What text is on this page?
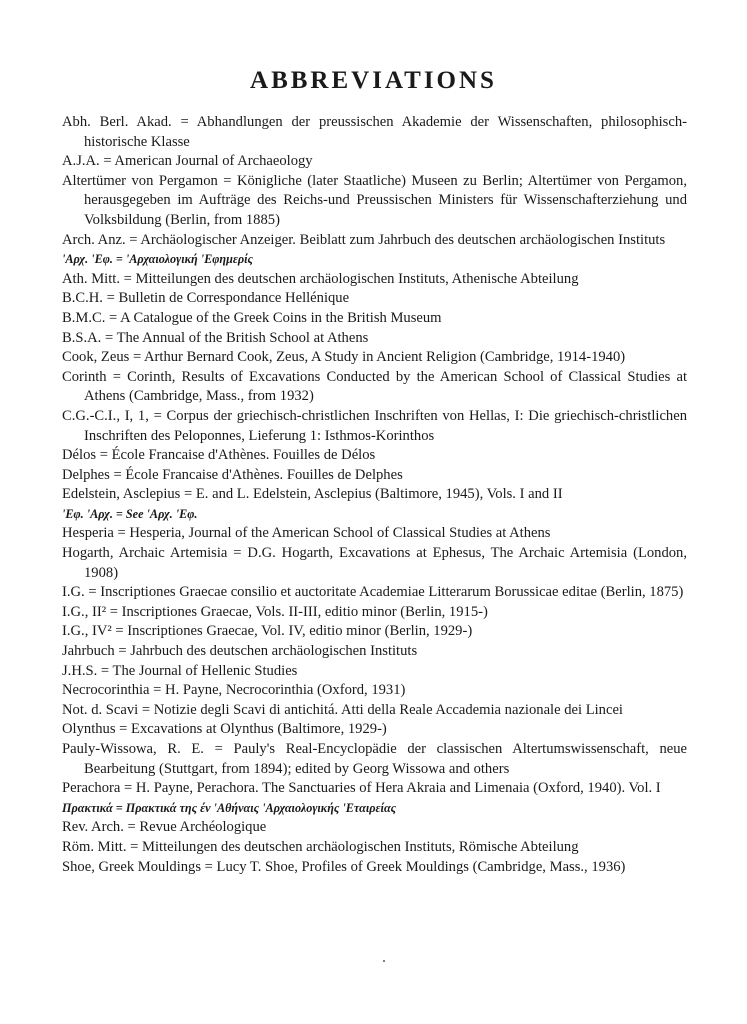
ABBREVIATIONS
Abh. Berl. Akad. = Abhandlungen der preussischen Akademie der Wissenschaften, philosophisch-historische Klasse
A.J.A. = American Journal of Archaeology
Altertümer von Pergamon = Königliche (later Staatliche) Museen zu Berlin; Altertümer von Pergamon, herausgegeben im Aufträge des Reichs-und Preussischen Ministers für Wissenschafterziehung und Volksbildung (Berlin, from 1885)
Arch. Anz. = Archäologischer Anzeiger. Beiblatt zum Jahrbuch des deutschen archäologischen Instituts
'Αρχ. 'Εφ. = 'Αρχαιολογική 'Εφημερίς
Ath. Mitt. = Mitteilungen des deutschen archäologischen Instituts, Athenische Abteilung
B.C.H. = Bulletin de Correspondance Hellénique
B.M.C. = A Catalogue of the Greek Coins in the British Museum
B.S.A. = The Annual of the British School at Athens
Cook, Zeus = Arthur Bernard Cook, Zeus, A Study in Ancient Religion (Cambridge, 1914-1940)
Corinth = Corinth, Results of Excavations Conducted by the American School of Classical Studies at Athens (Cambridge, Mass., from 1932)
C.G.-C.I., I, 1, = Corpus der griechisch-christlichen Inschriften von Hellas, I: Die griechisch-christlichen Inschriften des Peloponnes, Lieferung 1: Isthmos-Korinthos
Délos = École Francaise d'Athènes. Fouilles de Délos
Delphes = École Francaise d'Athènes. Fouilles de Delphes
Edelstein, Asclepius = E. and L. Edelstein, Asclepius (Baltimore, 1945), Vols. I and II
'Εφ. 'Αρχ. = See 'Αρχ. 'Εφ.
Hesperia = Hesperia, Journal of the American School of Classical Studies at Athens
Hogarth, Archaic Artemisia = D.G. Hogarth, Excavations at Ephesus, The Archaic Artemisia (London, 1908)
I.G. = Inscriptiones Graecae consilio et auctoritate Academiae Litterarum Borussicae editae (Berlin, 1875)
I.G., II² = Inscriptiones Graecae, Vols. II-III, editio minor (Berlin, 1915-)
I.G., IV² = Inscriptiones Graecae, Vol. IV, editio minor (Berlin, 1929-)
Jahrbuch = Jahrbuch des deutschen archäologischen Instituts
J.H.S. = The Journal of Hellenic Studies
Necrocorinthia = H. Payne, Necrocorinthia (Oxford, 1931)
Not. d. Scavi = Notizie degli Scavi di antichitá. Atti della Reale Accademia nazionale dei Lincei
Olynthus = Excavations at Olynthus (Baltimore, 1929-)
Pauly-Wissowa, R. E. = Pauly's Real-Encyclopädie der classischen Altertumswissenschaft, neue Bearbeitung (Stuttgart, from 1894); edited by Georg Wissowa and others
Perachora = H. Payne, Perachora. The Sanctuaries of Hera Akraia and Limenaia (Oxford, 1940). Vol. I
Πρακτικά = Πρακτικά της έν 'Αθήναις 'Αρχαιολογικής 'Εταιρείας
Rev. Arch. = Revue Archéologique
Röm. Mitt. = Mitteilungen des deutschen archäologischen Instituts, Römische Abteilung
Shoe, Greek Mouldings = Lucy T. Shoe, Profiles of Greek Mouldings (Cambridge, Mass., 1936)
